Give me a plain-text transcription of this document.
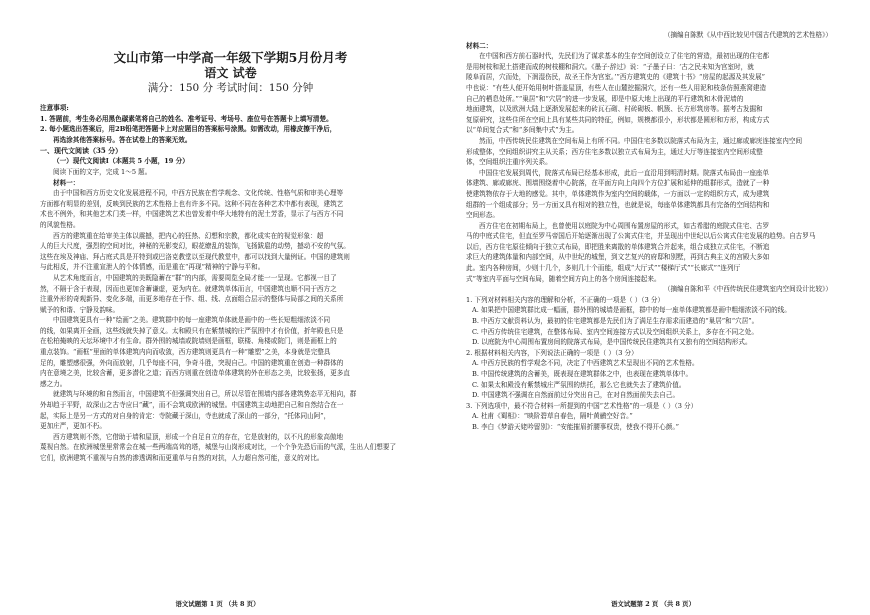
文山市第一中学高一年级下学期5月份月考
语文 试卷
满分：150 分 考试时间：150 分钟
注意事项:
1. 答题前，考生务必用黑色碳素笔将自己的姓名、准考证号、考场号、座位号在答题卡上填写清楚。
2. 每小题选出答案后，用2B铅笔把答题卡上对应题目的答案标号涂黑。如需改动，用橡皮擦干净后，
再选涂其他答案标号。答在试卷上的答案无效。
一、现代文阅读（35 分）
（一）现代文阅读Ⅰ（本题共 5 小题，19 分）
阅读下面的文字，完成 1～5 题。
材料一：
由于中国和西方历史文化发展进程不同，中西方民族在哲学观念、文化传统、性格气质和审美心理等
方面都有明显的差别，反映到民族的艺术性格上也有许多不同。这种不同在各种艺术中都有表现，建筑艺
术也不例外，和其他艺术门类一样，中国建筑艺术也曾发着中华大地特有的泥土芳香，显示了与西方不同
的风貌性格。
西方的建筑重在给审美主体以震撼，把内心的狂热、幻想和宗教，都化成实在的视觉形象：超
人的巨大尺度，强烈的空间对比，神秘的光影变幻，眼花缭乱的装饰，飞扬跋扈的动势，撼动不安的气氛。
这些在埃及神庙、拜占庭式具是开特到或巴洛克教堂以至现代教堂中，都可以找到大量例证。中国的建筑则
与此相反，并不注重宣泄人的个体情感，而是重在“再现”精神的宁静与平和。
从艺术角度而言，中国建筑的美既隐蓄在“群”的内部，需要周览全局才能一一呈现。它都视一目了
然，不隔于含于表现，因而也更加含蓄谦虚，更为内在。就建筑单体而言，中国建筑也顺不同于西方之
注重外形的奇观新异、变化多端，而更多地存在于作、组、线、点面组合层示的整体与局部之间的关系所
赋予的和谐、宁静及韵味。
中国建筑更具有一种“绘画”之美。建筑群中的每一座建筑单体就是画中的一些长短粗细浓淡不同
的线，如果离开全画，这些线就失掉了意义。太和殿只有在紫禁城的庄严氛围中才有价值，折年殿也只是
在松柏掩映的天坛环境中才有生命。群外围的城墙或院墙则是画框，联楼、角楼或院门，则是画框上的
重点装饰。“画框”里面的单体建筑内向而收敛，西方建筑则更具有一种“雕塑”之美，本身就是完整具
足的，雕塑感很强，外向而放射，几乎每座不同，争奇斗胜，突现自己。中国的建筑重在创造一种群体的
内在意境之美，比较含蓄，更多潜化之道；而西方则重在创造单体建筑的外在形态之美，比较张扬，更多直
感之力。
就建筑与环境的和自然而言，中国建筑不但强调突出自己，所以尽管在围墙内部各建筑势态平无相向，群
外却趋于平野，故深山之古寺应曰“藏”，而不会筑成欧洲的城堡。中国建筑主动地把自己和自然结合在一
起，实际上是另一方式的对自身的肯定：寺院藏于深山，寺也就成了深山的一部分，“托体同山阿”，
更加庄严，更加不朽。
西方建筑则不然，它借助于墙和屋顶，形成一个自足自立的存在，它是放射的，以不凡的形象高傲地
蔑视自然。在欧洲城堡里常常会在城一些两端高耸的塔，城堡与山岗形成对比，一个个争先恐后而的气派，生出人们想要了
它们，欧洲建筑不重视与自然的渗透调和而更重单与自然的对抗，人力超自然可能，意义的对比。
语文试题第 1 页 （共 8 页）
（摘编自陈默《从中西比较见中国古代建筑的艺术性格》）
材料二：
在中国和西方前石器时代，先民们为了谋求基本的生存空间创设立了住宅的营造，最初出现的住宅都
是用树枝和泥土搭建而成的树枝棚和洞穴。《墨子·辞过》说：“子墨子曰：‘古之民未知为宫室时，就
陵阜而居，穴而处，下润湿伤民，故圣王作为宫室。’”西方建筑史的《建筑十书》“房屋的起源及其发展”
中也说：“有些人便开始用树叶搭盖屋顶，有些人在山麓挖掘洞穴，还有一些人用泥和枝条仿照燕窝建造
自己的栖息处所。”“巢居”和“穴居”的进一步发展，即是中原大地上出现的平行建筑和木骨泥墙的
地面建筑，以及欧洲大陆上逐渐发展起来的砖瓦石砌、村砖砌板、帆簇、长方形筑房等。据考古发掘和
复原研究，这些住所在空间上具有某些共同的特征，例如，规模都很小，形状都是圆形和方形，构成方式
以“单间复合式”和“多间集中式”为主。
然而，中西传统民住建筑在空间布局上有所不同。中国住宅多数以院落式布局为主，通过廊或廊庑连接室内空间
形成整体，空间组织讲究主从关系；西方住宅多数以独立式布局为主，通过大厅等连接室内空间形成整
体，空间组织注重序列关系。
中国住宅发展到周代，院落式布局已经基本形成，此后一直沿用到明清时期。院落式布局由一座座单
体建筑、廊或廊庑、围墙围绕着中心院落，在平面方向上向四个方位扩展和延伸的组群形式，造就了一种
使建筑物依存于大地的感觉。其中，单体建筑作为室内空间的载体，一方面以一定的组织方式，成为建筑
组群的一个组成部分；另一方面又具有相对的独立性，也就是说，每座单体建筑都具有完备的空间结构和
空间形态。
西方住宅在初期布局上，也曾使用以庭院为中心周围布置房屋的形式，如古希腊的庭院式住宅、古罗
马的中庭式住宅，但直至罗马帝国后开始逐渐出现了公寓式住宅，并呈现出中世纪以后公寓式住宅发展的趋势。自古罗马
以后，西方住宅原往倾向于独立式布局，即把胜来离散的单体建筑合并起来，组合成独立式住宅，不断追
求巨大的建筑体量和内部空间，从中世纪的城堡，到文艺复兴的府邸和别墅，再到古典主义的宫殿大多如
此。室内各种房间，少则十几个，多则几十个而能，组成“大厅式”“楼梯厅式”“长廊式”“连列厅
式”等室内平面与空间布局，随着空间方向上的各个房间连接起来。
（摘编自陈和平《中西传统民住建筑室内空间设计比较》）
1. 下列对材料相关内容的理解和分析，不正确的一项是（ ）（3 分）
A. 如果把中国建筑群比成一幅画，群外围的城墙是画框，群中的每一座单体建筑都是画中粗细浓淡不同的线。
B. 中西方文献资料认为，最初的住宅建筑都是先民们为了满足生存需求而建造的“巢居”和“穴居”。
C. 中西方传统住宅建筑，在整体布局、室内空间连接方式以及空间组织关系上，多存在不同之处。
D. 以庭院为中心周围布置房间的院落式布局，是中国传统民住建筑共有又独有的空间结构形式。
2. 根据材料相关内容，下列说法正确的一项是（ ）（3 分）
A. 中西方民族的哲学观念不同，决定了中西建筑艺术呈现出不同的艺术性格。
B. 中国传统建筑的含蓄美，既表现在建筑群体之中，也表现在建筑单体中。
C. 如果太和殿没有紫禁城庄严氛围的烘托，那么它也就失去了建筑价值。
D. 中国建筑不强调在自然面前过分突出自己，在对自然面前失去自己。
3. 下列选项中，最不符合材料一所提到的中国“艺术性格”的一项是（ ）（3 分）
A. 杜甫《蜀相》：“映阶碧草自春色，隔叶黄鹂空好音。”
B. 李白《梦游天姥吟留别》：“安能摧眉折腰事权贵，使我不得开心颜。”
语文试题第 2 页 （共 8 页）
